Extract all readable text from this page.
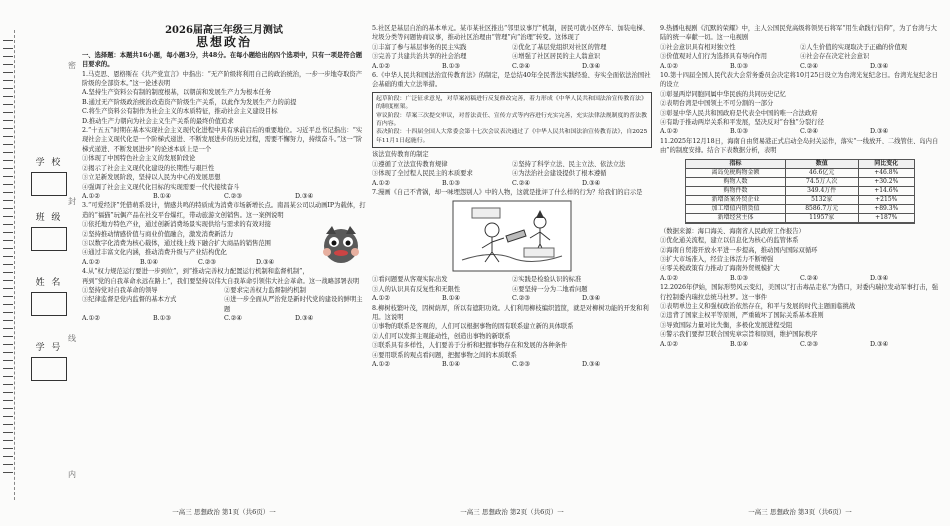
密
封
线
内
学 校
班 级
姓 名
学 号
2026届高三年级三月测试
思想政治

一、选择题：本题共16小题，每小题3分，共48分。在每小题给出的四个选项中，只有一项是符合题目要求的。

1.马克思、恩格斯在《共产党宣言》中指出：“无产阶级将利用自己的政治统治，一步一步地夺取资产阶级的全部资本。”这一论述表明

A.坚持生产资料公有制的制度根基，以朝前和发展生产力为根本任务

B.通过无产阶级政治统治改造资产阶级生产关系，以此作为发展生产力的前提

C.将生产资料公有制作为社会主义的本质特征，推动社会主义建设目标

D.推动生产力朝向为社会主义生产关系的最终价值追求

2.“十五五”时期在基本实现社会主义现代化进程中具有承前启后的重要地位。习近平总书记指出：“实现社会主义现代化是一个阶梯式递进、不断发展进步的历史过程，需要不懈努力，持续奋斗。”这一“阶梯式递进、不断发展进步”的论述本质上是一个

①体现了中国特色社会主义的发展阶段论

②揭示了社会主义现代化建设的长期性与艰巨性

③立足新发展阶段，坚持以人民为中心的发展思想

④强调了社会主义现代化目标的实现需要一代代接续奋斗

A.①②	B.①④	C.②③	D.③④

3.“可爱经济”凭借萌系设计，情感共鸣的特质成为消费市场新增长点。南昌某公司以动画IP为载体，打造的“福猫”玩偶产品在社交平台爆红，带动旅游文创销售。这一案例说明

①依托地方特色产业，通过创新消费场景实现供给与需求的有效对接

②坚持推动情感价值与商业价值融合，激发消费新活力

③以数字化消费为核心载体，通过线上线下融合扩大商品的销售范围

④通过丰富文化内涵，推动消费升级与产业结构优化

A.①②	B.①④	C.②③	D.③④

4.从“权力规范运行要进一步到位”，到“推动完善权力配置运行机制和监督机制”，再到“党的自我革命永远在路上”，我们要坚持以伟大自我革命引领伟大社会革命。这一战略部署表明

①坚持党对自我革命的领导	②要求完善权力监督制约机制
③纪律监督是党内监督的基本方式	④进一步全面从严治党是新时代党的建设的鲜明主题
A.①②	B.①③	C.②④	D.③④

5.社区是基层自治的基本单元。某市某社区推出“邻里议事厅”机制，居民可就小区停车、加装电梯、垃圾分类等问题协商议事，推动社区治理由“管理”向“治理”转变。这体现了

①丰富了参与基层事务的民主实践	②优化了基层党组织对社区的管理
③完善了共建共治共享的社会治理	④增强了社区居民的主人翁意识
A.①②	B.①③	C.②④	D.③④

6.《中华人民共和国法治宣传教育法》的制定，是总结40年全民普法实践经验、夯实全面依法治国社会基础的重大立法举措。

起草阶段：广泛征求意见，对草案初稿进行反复修改完善，着力形成《中华人民共和国法治宣传教育法》的制度框架。

审议阶段：草案三次提交审议，对普法责任、宣传方式等内容进行充实完善，充实法律法规制度的普法教育内容。

表决阶段：十四届全国人大常委会第十七次会议表决通过了《中华人民共和国法治宣传教育法》，自2025年11月1日起施行。

该法宣传教育的制定

①遵循了立法宣传教育规律	②坚持了科学立法、民主立法、依法立法
③体现了全过程人民民主的本质要求	④为法治社会建设提供了根本遵循
A.①②	B.①③	C.②④	D.③④

7.漫画《自己不背锅，却一味埋怨别人》中的人物，这就是批评了什么样的行为？给我们的启示是

①看问题要从客观实际出发	②实践是检验认识的标准
③人的认识具有反复性和无限性	④要坚持一分为二地看问题
A.①②	B.①④	C.②③	D.③④

8.柳树枝繁叶茂，因树荫厚，所以有遮阳功效。人们利用柳枝编织篮筐，就是对柳树功能的开发和利用。这说明

①事物的联系是客观的，人们可以根据事物的固有联系建立新的具体联系

②人们可以发挥主观能动性，创造出事物的新联系

③联系具有多样性，人们要善于分析和把握事物存在和发展的各种条件

④要用联系的观点看问题，把握事物之间的本质联系

A.①②	B.①④	C.②③	D.③④

9.热播电视剧《沉默的荣耀》中，主人公国民党高级将领吴石将军“用生命践行信仰”，为了台湾与大陆的统一奉献一切。这一电视剧

①社会意识具有相对独立性	②人生价值的实现取决于正确的价值观
③价值观对人们行为选择具有导向作用	④社会存在决定社会意识
A.①②	B.①③	C.②④	D.③④

10.第十四届全国人民代表大会常务委员会决定将10月25日设立为台湾光复纪念日。台湾光复纪念日的设立

①彰显两岸同胞同属中华民族的共同历史记忆

②表明台湾是中国领土不可分割的一部分

③彰显中华人民共和国政府是代表全中国的唯一合法政府

④有助于推动两岸关系和平发展，坚决反对“台独”分裂行径

A.①②	B.①③	C.②④	D.③④

11.2025年12月18日，海南自由贸易港正式启动全岛封关运作，落实“一线放开、二线管住、岛内自由”的制度安排。结合下表数据分析，表明

指标	数值	同比变化
离岛免税购物金额	46.6亿元	+46.8%
购物人数	74.5万人次	+30.2%
购物件数	349.4万件	+14.6%
新增备案外贸企业	5132家	+215%
加工增值内销货值	8586.7万元	+89.3%
新增经营主体	11957家	+187%

（数据来源：海口海关、海南省人民政府工作报告）

①优化通关流程，建立以信息化为核心的监管体系

②海南自贸港开放水平进一步提高，推动国内国际双循环

③扩大市场准入，经营主体活力不断增强

④零关税政策有力推动了海南外贸规模扩大

A.①②	B.①③	C.②④	D.③④

12.2026年伊始，国际形势风云变幻，美国以“打击毒品走私”为借口，对委内瑞拉发动军事打击，强行控制委内瑞拉总统马杜罗。这一事件

①表明单边主义和强权政治依然存在，和平与发展的时代主题面临挑战

②违背了国家主权平等原则，严重破坏了国际关系基本准则

③导致国际力量对比失衡，多极化发展进程受阻

④警示我们要捍卫联合国宪章宗旨和原则，维护国际秩序

A.①②	B.①④	C.②③	D.③④
一高三 思想政治 第1页（共6页）一	一高三 思想政治 第2页（共6页）一	一高三 思想政治 第3页（共6页）一
